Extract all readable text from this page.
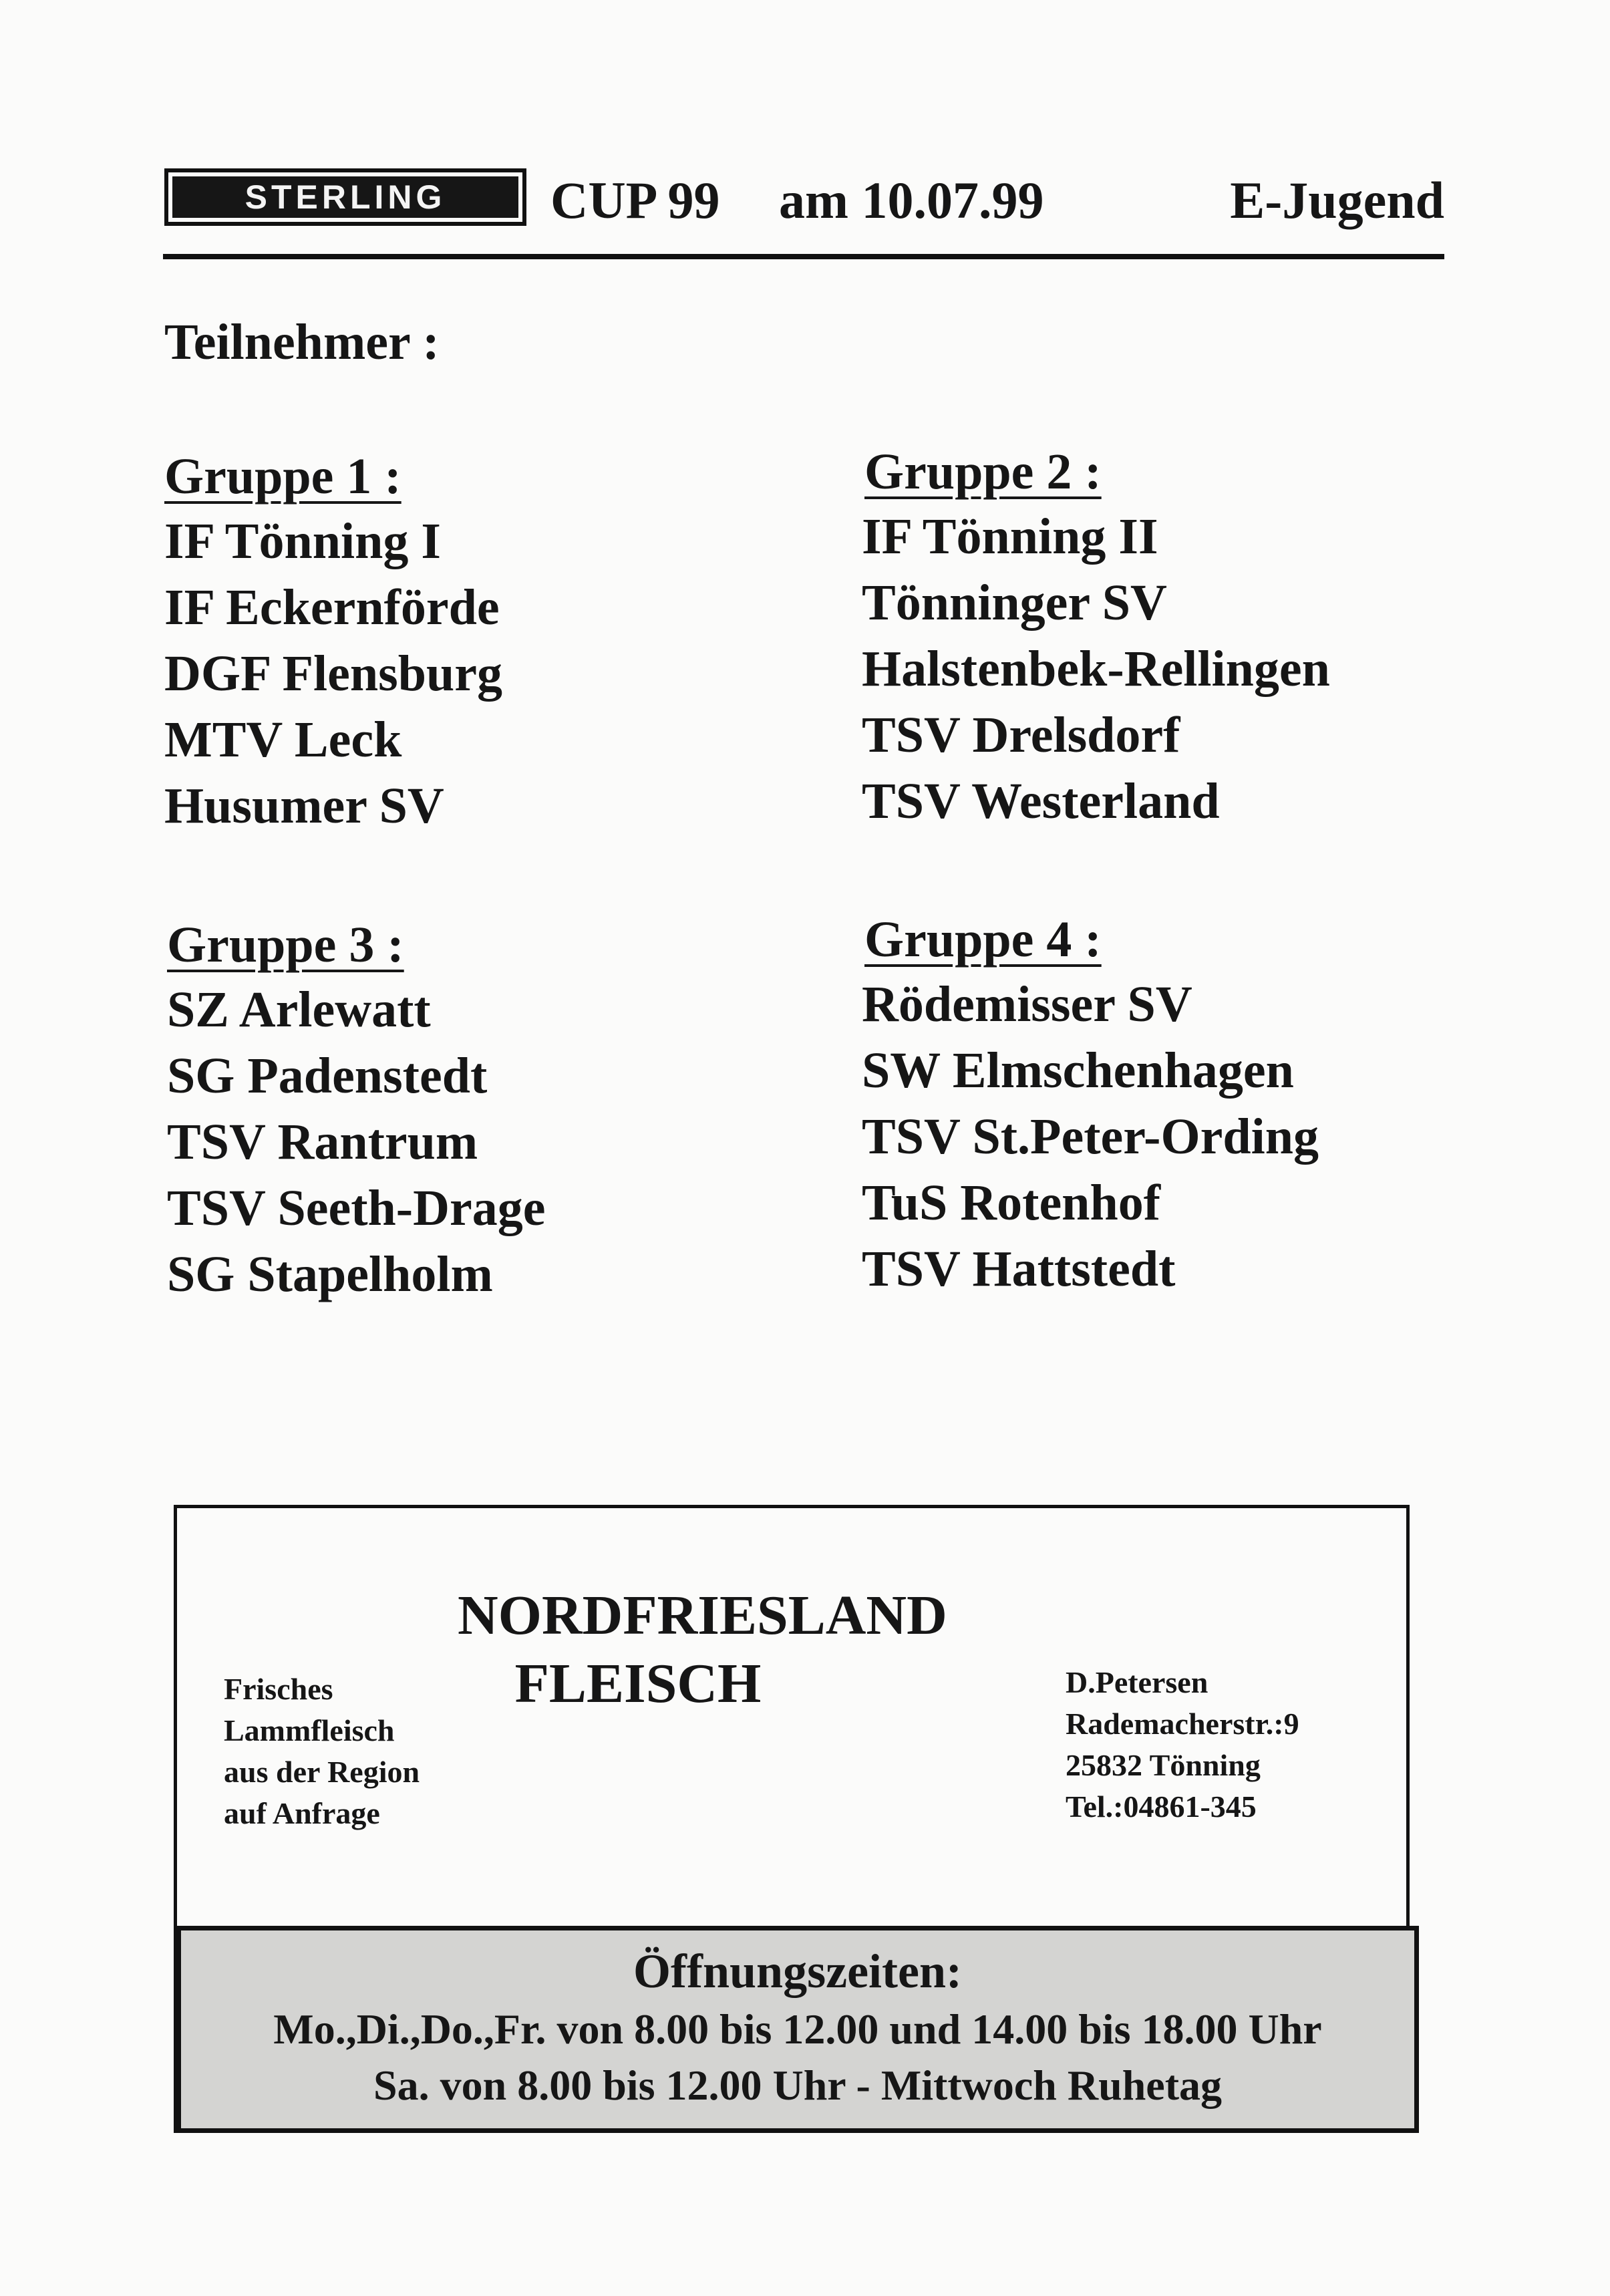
STERLING	CUP 99 am 10.07.99	E-Jugend
Teilnehmer :
Gruppe 1 :
IF Tönning I
IF Eckernförde
DGF Flensburg
MTV Leck
Husumer SV
Gruppe 2 :
IF Tönning II
Tönninger SV
Halstenbek-Rellingen
TSV Drelsdorf
TSV Westerland
Gruppe 3 :
SZ Arlewatt
SG Padenstedt
TSV Rantrum
TSV Seeth-Drage
SG Stapelholm
Gruppe 4 :
Rödemisser SV
SW Elmschenhagen
TSV St.Peter-Ording
TuS Rotenhof
TSV Hattstedt
NORDFRIESLAND
FLEISCH
Frisches
Lammfleisch
aus der Region
auf Anfrage
D.Petersen
Rademacherstr.:9
25832 Tönning
Tel.:04861-345
Öffnungszeiten:
Mo.,Di.,Do.,Fr. von 8.00 bis 12.00 und 14.00 bis 18.00 Uhr
Sa. von 8.00 bis 12.00 Uhr - Mittwoch Ruhetag
